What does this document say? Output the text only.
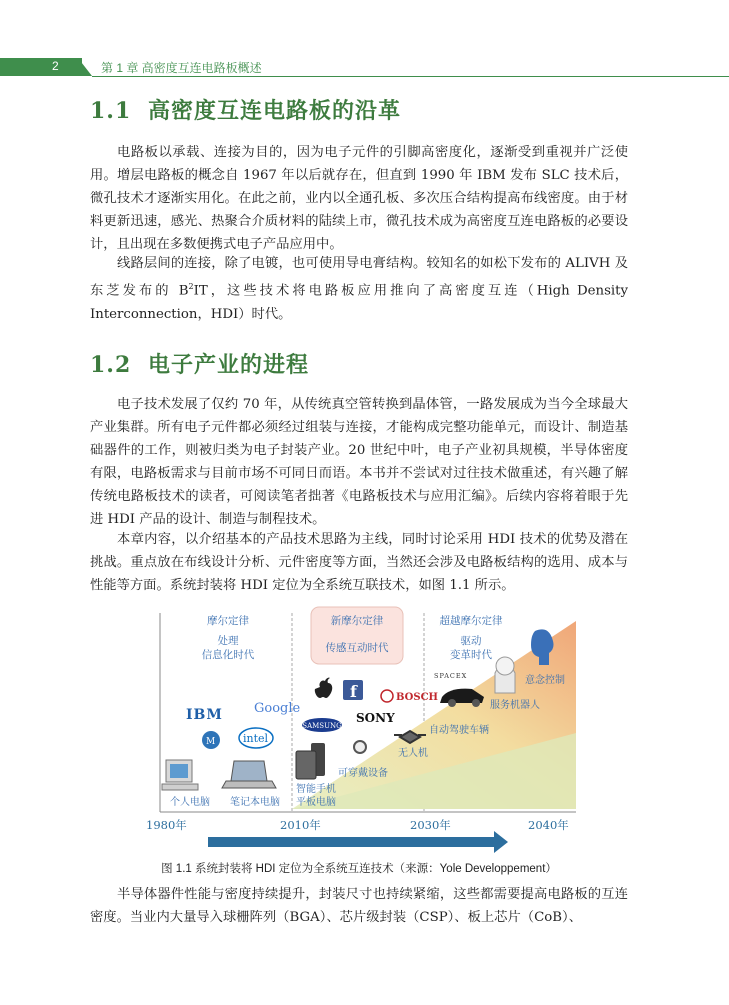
2	第 1 章 高密度互连电路板概述
1.1 高密度互连电路板的沿革

电路板以承载、连接为目的，因为电子元件的引脚高密度化，逐渐受到重视并广泛使用。增层电路板的概念自 1967 年以后就存在，但直到 1990 年 IBM 发布 SLC 技术后，微孔技术才逐渐实用化。在此之前，业内以全通孔板、多次压合结构提高布线密度。由于材料更新迅速，感光、热聚合介质材料的陆续上市，微孔技术成为高密度互连电路板的必要设计，且出现在多数便携式电子产品应用中。

线路层间的连接，除了电镀，也可使用导电膏结构。较知名的如松下发布的 ALIVH 及东芝发布的 $B^2IT$，这些技术将电路板应用推向了高密度互连（High Density Interconnection，HDI）时代。

1.2 电子产业的进程

电子技术发展了仅约 70 年，从传统真空管转换到晶体管，一路发展成为当今全球最大产业集群。所有电子元件都必须经过组装与连接，才能构成完整功能单元，而设计、制造基础器件的工作，则被归类为电子封装产业。20 世纪中叶，电子产业初具规模，半导体密度有限，电路板需求与目前市场不可同日而语。本书并不尝试对过往技术做重述，有兴趣了解传统电路板技术的读者，可阅读笔者拙著《电路板技术与应用汇编》。后续内容将着眼于先进 HDI 产品的设计、制造与制程技术。

本章内容，以介绍基本的产品技术思路为主线，同时讨论采用 HDI 技术的优势及潜在挑战。重点放在布线设计分析、元件密度等方面，当然还会涉及电路板结构的选用、成本与性能等方面。系统封装将 HDI 定位为全系统互联技术，如图 1.1 所示。

摩尔定律
处理
信息化时代
新摩尔定律
传感互动时代
超越摩尔定律
驱动
变革时代
IBM
M
Google
intel
f
SAMSUNG
SONY
BOSCH
SPACEX
个人电脑 笔记本电脑
智能手机
平板电脑
可穿戴设备
无人机
自动驾驶车辆
服务机器人
意念控制
1980年	2010年	2030年	2040年
图 1.1 系统封装将 HDI 定位为全系统互连技术（来源：Yole Developpement）

半导体器件性能与密度持续提升，封装尺寸也持续紧缩，这些都需要提高电路板的互连密度。当业内大量导入球栅阵列（BGA）、芯片级封装（CSP）、板上芯片（CoB）、
